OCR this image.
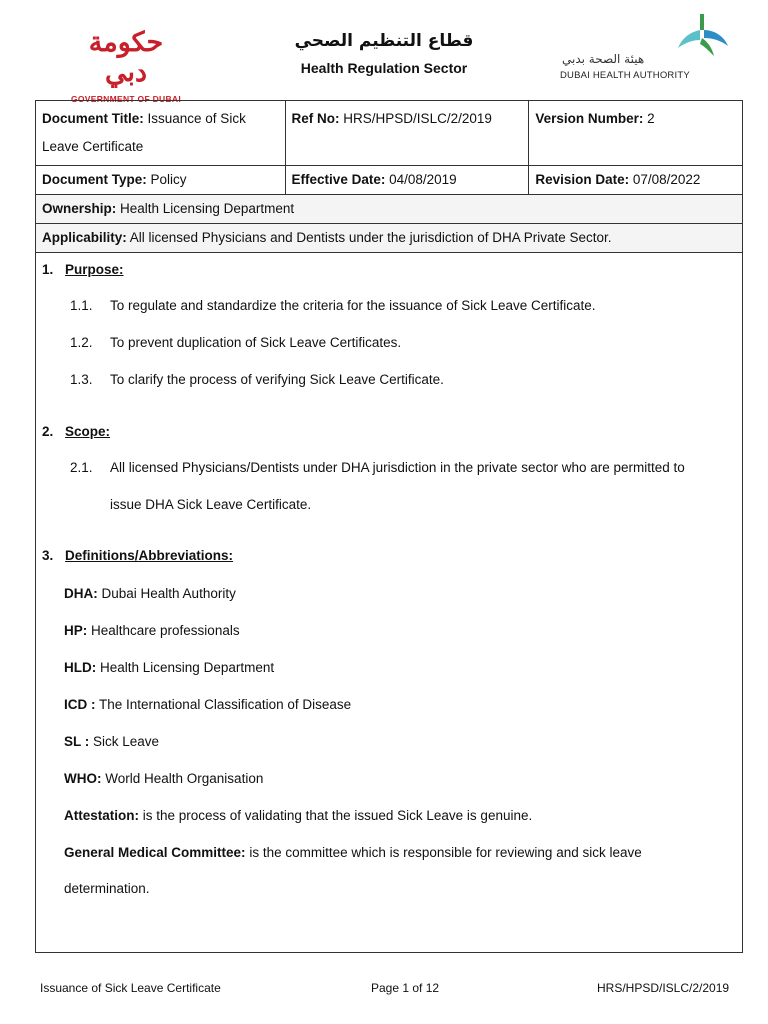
حكومة دبي
GOVERNMENT OF DUBAI
قطاع التنظيم الصحي
Health Regulation Sector
هيئة الصحة بدبي
DUBAI HEALTH AUTHORITY
Document Title: Issuance of Sick Leave Certificate	Ref No: HRS/HPSD/ISLC/2/2019	Version Number: 2
Document Type: Policy	Effective Date: 04/08/2019	Revision Date: 07/08/2022
Ownership: Health Licensing Department		
Applicability: All licensed Physicians and Dentists under the jurisdiction of DHA Private Sector.		
1. Purpose:
1.1. To regulate and standardize the criteria for the issuance of Sick Leave Certificate.
1.2. To prevent duplication of Sick Leave Certificates.
1.3. To clarify the process of verifying Sick Leave Certificate.
2. Scope:
2.1. All licensed Physicians/Dentists under DHA jurisdiction in the private sector who are permitted to
issue DHA Sick Leave Certificate.
3. Definitions/Abbreviations:
DHA: Dubai Health Authority
HP: Healthcare professionals
HLD: Health Licensing Department
ICD : The International Classification of Disease
SL : Sick Leave
WHO: World Health Organisation
Attestation: is the process of validating that the issued Sick Leave is genuine.
General Medical Committee: is the committee which is responsible for reviewing and sick leave
determination.
Issuance of Sick Leave Certificate	Page 1 of 12	HRS/HPSD/ISLC/2/2019
